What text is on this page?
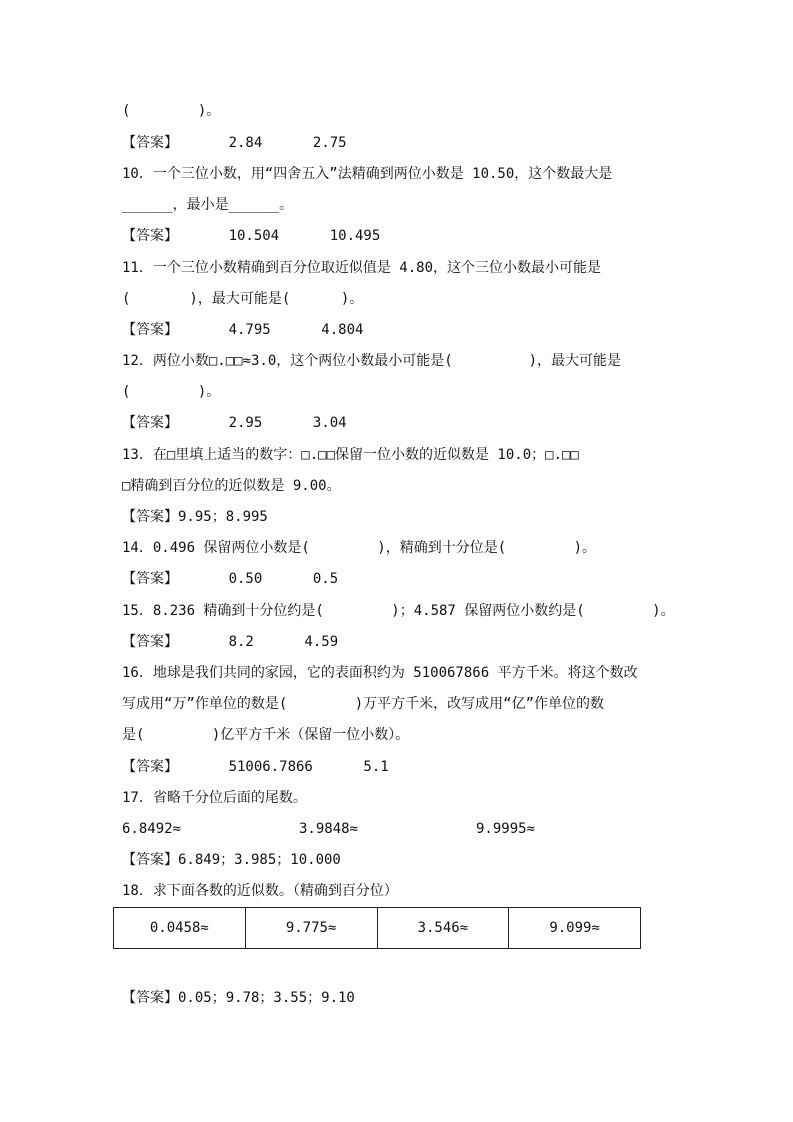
(        )。
【答案】      2.84      2.75
10．一个三位小数，用“四舍五入”法精确到两位小数是 10.50，这个数最大是
______，最小是______。
【答案】      10.504      10.495
11．一个三位小数精确到百分位取近似值是 4.80，这个三位小数最小可能是
(       )，最大可能是(      )。
【答案】      4.795      4.804
12．两位小数□.□□≈3.0，这个两位小数最小可能是(         )，最大可能是
(        )。
【答案】      2.95      3.04
13．在□里填上适当的数字：□.□□保留一位小数的近似数是 10.0；□.□□
□精确到百分位的近似数是 9.00。
【答案】9.95；8.995
14．0.496 保留两位小数是(        )，精确到十分位是(        )。
【答案】      0.50      0.5
15．8.236 精确到十分位约是(        )；4.587 保留两位小数约是(        )。
【答案】      8.2      4.59
16．地球是我们共同的家园，它的表面积约为 510067866 平方千米。将这个数改
写成用“万”作单位的数是(        )万平方千米，改写成用“亿”作单位的数
是(        )亿平方千米（保留一位小数）。
【答案】      51006.7866      5.1
17．省略千分位后面的尾数。
6.8492≈              3.9848≈              9.9995≈
【答案】6.849；3.985；10.000
18．求下面各数的近似数。（精确到百分位）
0.0458≈	9.775≈	3.546≈	9.099≈
【答案】0.05；9.78；3.55；9.10
